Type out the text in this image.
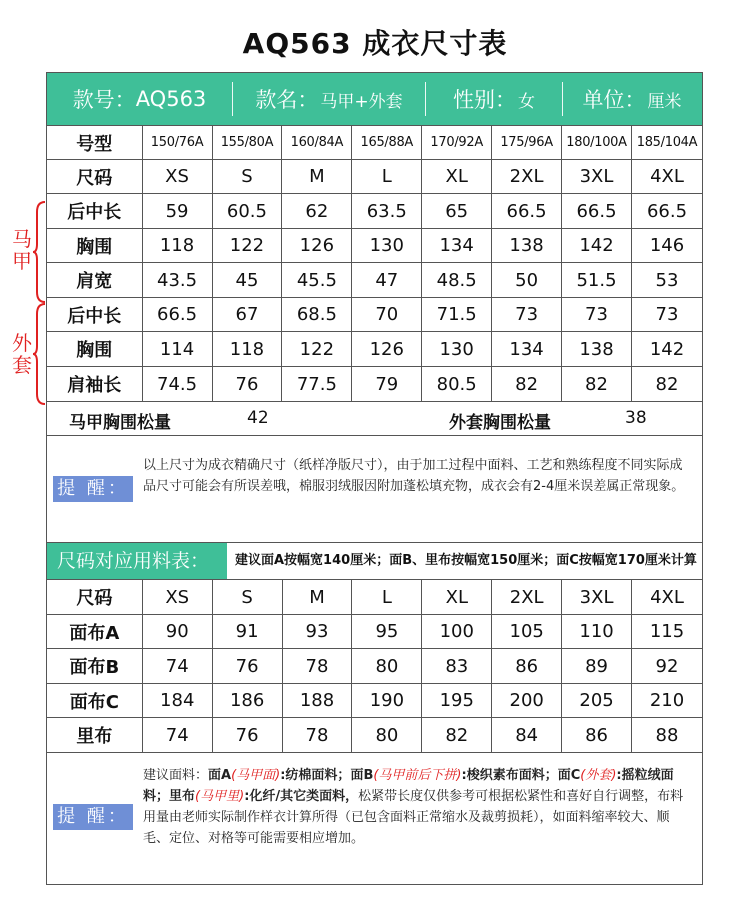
AQ563 成衣尺寸表
马甲
外套
款号： AQ563 款名： 马甲+外套 性别： 女 单位： 厘米
号型	150/76A	155/80A	160/84A	165/88A	170/92A	175/96A	180/100A	185/104A
尺码	XS	S	M	L	XL	2XL	3XL	4XL
后中长	59	60.5	62	63.5	65	66.5	66.5	66.5
胸围	118	122	126	130	134	138	142	146
肩宽	43.5	45	45.5	47	48.5	50	51.5	53
后中长	66.5	67	68.5	70	71.5	73	73	73
胸围	114	118	122	126	130	134	138	142
肩袖长	74.5	76	77.5	79	80.5	82	82	82
马甲胸围松量	42	外套胸围松量	38
提 醒：
以上尺寸为成衣精确尺寸（纸样净版尺寸），由于加工过程中面料、工艺和熟练程度不同实际成品尺寸可能会有所误差哦，棉服羽绒服因附加蓬松填充物，成衣会有2-4厘米误差属正常现象。
尺码对应用料表：	建议面A按幅宽140厘米；面B、里布按幅宽150厘米；面C按幅宽170厘米计算
尺码	XS	S	M	L	XL	2XL	3XL	4XL
面布A	90	91	93	95	100	105	110	115
面布B	74	76	78	80	83	86	89	92
面布C	184	186	188	190	195	200	205	210
里布	74	76	78	80	82	84	86	88
提 醒：
建议面料：面A(马甲面):纺棉面料；面B(马甲前后下拼):梭织素布面料；面C(外套):摇粒绒面料；里布(马甲里):化纤/其它类面料，松紧带长度仅供参考可根据松紧性和喜好自行调整，布料用量由老师实际制作样衣计算所得（已包含面料正常缩水及裁剪损耗），如面料缩率较大、顺毛、定位、对格等可能需要相应增加。
